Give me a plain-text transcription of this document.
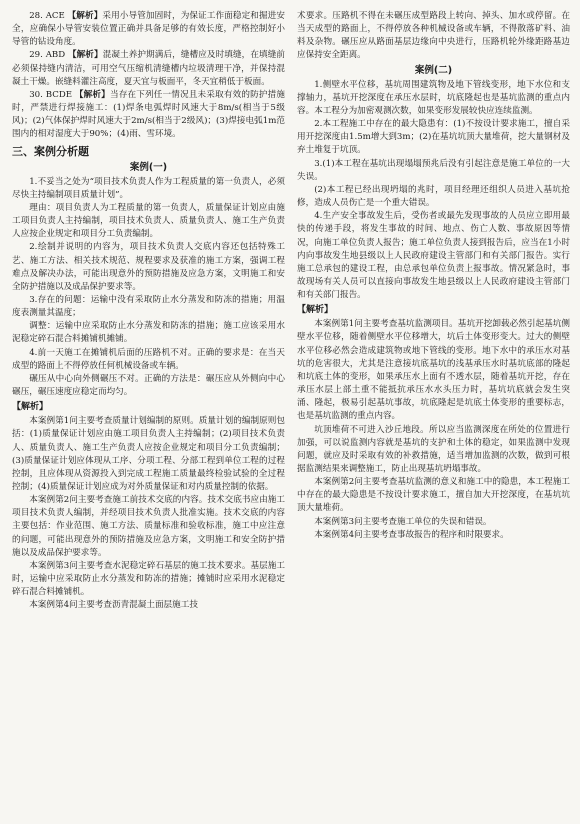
28. ACE 【解析】采用小导管加固时，为保证工作面稳定和掘进安全，应确保小导管安装位置正确并具备足够的有效长度，严格控制好小导管的钻设角度。

29. ABD 【解析】混凝土养护期满后，缝槽应及时填缝，在填缝前必须保持缝内清洁，可用空气压缩机清缝槽内垃圾清理干净，并保持混凝土干燥。嵌缝料灌注高度，夏天宜与板面平，冬天宜稍低于板面。

30. BCDE 【解析】当存在下列任一情况且未采取有效的防护措施时，严禁进行焊接施工：(1)焊条电弧焊时风速大于8m/s(相当于5级风)；(2)气体保护焊时风速大于2m/s(相当于2级风)；(3)焊接电弧1m范围内的相对湿度大于90%；(4)雨、雪环境。

三、案例分析题
案例(一)

1.不妥当之处为“项目技术负责人作为工程质量的第一负责人，必须尽快主持编制项目质量计划”。

理由：项目负责人为工程质量的第一负责人，质量保证计划应由施工项目负责人主持编制，项目技术负责人、质量负责人、施工生产负责人应按企业规定和项目分工负责编制。

2.绘制并说明的内容为，项目技术负责人交底内容还包括特殊工艺、施工方法、相关技术规范、规程要求及获准的施工方案，强调工程难点及解决办法，可能出现意外的预防措施及应急方案，文明施工和安全防护措施以及成品保护要求等。

3.存在的问题：运输中没有采取防止水分蒸发和防冻的措施；用温度表测量其温度；

调整：运输中应采取防止水分蒸发和防冻的措施；施工应该采用水泥稳定碎石混合料摊铺机摊铺。

4.前一天施工在摊铺机后面的压路机不对。正确的要求是：在当天成型的路面上不得停放任何机械设备或车辆。

碾压从中心向外侧碾压不对。正确的方法是：碾压应从外侧向中心碾压，碾压速度应稳定而均匀。

【解析】

本案例第1问主要考查质量计划编制的原则。质量计划的编制原则包括：(1)质量保证计划应由施工项目负责人主持编制；(2)项目技术负责人、质量负责人、施工生产负责人应按企业规定和项目分工负责编制；(3)质量保证计划应体现从工序、分项工程、分部工程到单位工程的过程控制，且应体现从资源投入到完成工程施工质量最终检验试验的全过程控制；(4)质量保证计划应成为对外质量保证和对内质量控制的依据。

本案例第2问主要考查施工前技术交底的内容。技术交底书应由施工项目技术负责人编制，并经项目技术负责人批准实施。技术交底的内容主要包括：作业范围、施工方法、质量标准和验收标准，施工中应注意的问题，可能出现意外的预防措施及应急方案，文明施工和安全防护措施以及成品保护要求等。

本案例第3问主要考查水泥稳定碎石基层的施工技术要求。基层施工时，运输中应采取防止水分蒸发和防冻的措施；摊铺时应采用水泥稳定碎石混合料摊铺机。

本案例第4问主要考查沥青混凝土面层施工技

术要求。压路机不得在未碾压成型路段上转向、掉头、加水或停留。在当天成型的路面上，不得停放各种机械设备或车辆，不得散落矿料、油料及杂物。碾压应从路面基层边缘向中央进行，压路机轮外缘距路基边应保持安全距离。

案例(二)

1.侧壁水平位移，基坑周围建筑物及地下管线变形，地下水位和支撑轴力，基坑开挖深度在承压水层时，坑底隆起也是基坑监测的重点内容。本工程分为加密观测次数，如果变形发展较快应连续监测。

2.本工程施工中存在的最大隐患有：(1)不按设计要求施工，擅自采用开挖深度由1.5m增大到3m；(2)在基坑坑顶大量堆荷，挖大量钢材及弃土堆复于坑顶。

3.(1)本工程在基坑出现塌塌预兆后没有引起注意是施工单位的一大失误。

(2)本工程已经出现坍塌的兆时，项目经理还组织人员进入基坑抢修，造成人员伤亡是一个重大错误。

4.生产安全事故发生后，受伤者或最先发现事故的人员应立即用最快的传递手段，将发生事故的时间、地点、伤亡人数、事故原因等情况，向施工单位负责人报告；施工单位负责人接到报告后，应当在1小时内向事故发生地县级以上人民政府建设主管部门和有关部门报告。实行施工总承包的建设工程，由总承包单位负责上报事故。情况紧急时，事故现场有关人员可以直接向事故发生地县级以上人民政府建设主管部门和有关部门报告。

【解析】

本案例第1问主要考查基坑监测项目。基坑开挖卸载必然引起基坑侧壁水平位移，随着侧壁水平位移增大，坑后土体变形变大。过大的侧壁水平位移必然会造成建筑物或地下管线的变形。地下水中的承压水对基坑的危害很大，尤其是注意接坑底基坑的浅基承压水时基坑底部的隆起和坑底土体的变形，如果承压水上面有不透水层，随着基坑开挖，存在承压水层上部土重不能抵抗承压水水头压力时，基坑坑底就会发生突涌、隆起，极易引起基坑事故，坑底隆起是坑底土体变形的重要标志，也是基坑监测的重点内容。

坑顶堆荷不可进入沙丘地段。所以应当监测深度在所处的位置进行加强，可以说监测内容就是基坑的支护和土体的稳定，如果监测中发现问题，就应及时采取有效的补救措施，适当增加监测的次数，做到可根据监测结果来调整施工，防止出现基坑坍塌事故。

本案例第2问主要考查基坑监测的意义和施工中的隐患，本工程施工中存在的最大隐患是不按设计要求施工，擅自加大开挖深度，在基坑坑顶大量堆荷。

本案例第3问主要考查施工单位的失误和错误。

本案例第4问主要考查事故报告的程序和时限要求。
